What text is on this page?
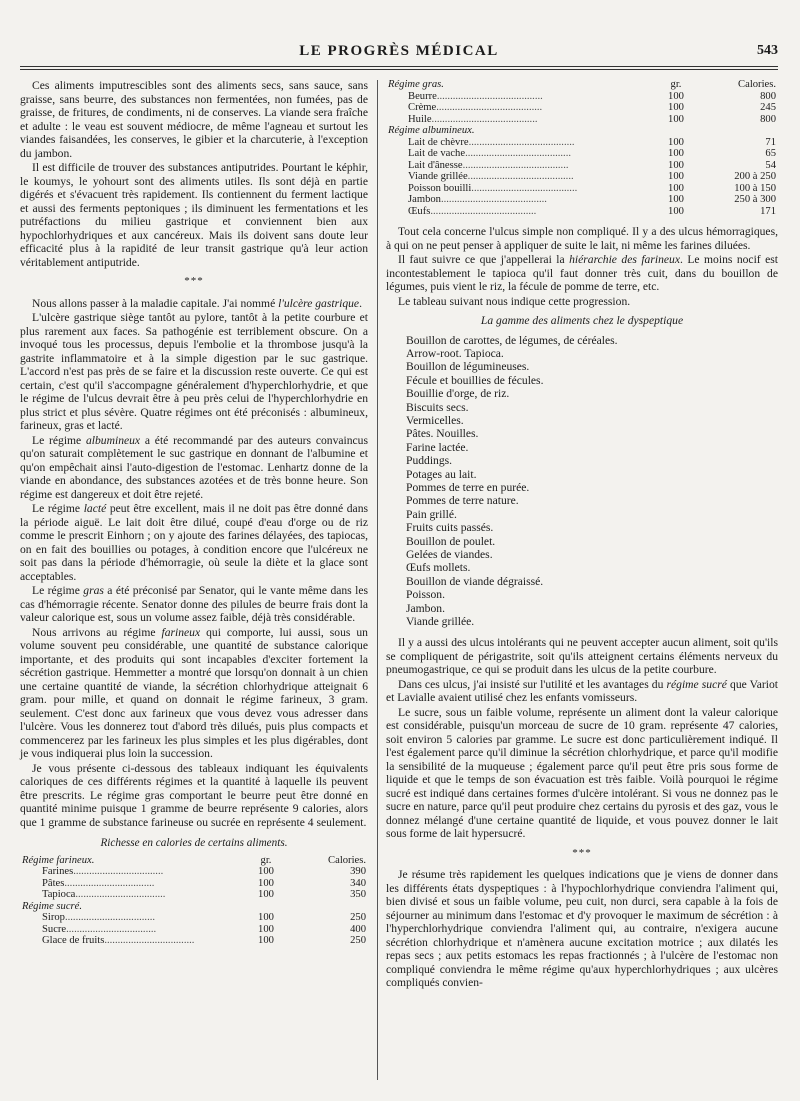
LE PROGRÈS MÉDICAL	543

Ces aliments imputrescibles sont des aliments secs, sans sauce, sans graisse, sans beurre, des substances non fermentées, non fumées, pas de graisse, de fritures, de condiments, ni de conserves. La viande sera fraîche et adulte : le veau est souvent médiocre, de même l'agneau et surtout les viandes faisandées, les conserves, le gibier et la charcuterie, à l'exception du jambon.

Il est difficile de trouver des substances antiputrides. Pourtant le képhir, le koumys, le yohourt sont des aliments utiles. Ils sont déjà en partie digérés et s'évacuent très rapidement. Ils contiennent du ferment lactique et aussi des ferments peptoniques ; ils diminuent les fermentations et les putréfactions du milieu gastrique et conviennent bien aux hypochlorhydriques et aux cancéreux. Mais ils doivent sans doute leur efficacité plus à la rapidité de leur transit gastrique qu'à leur action véritablement antiputride.

***

Nous allons passer à la maladie capitale. J'ai nommé l'ulcère gastrique.

L'ulcère gastrique siège tantôt au pylore, tantôt à la petite courbure et plus rarement aux faces. Sa pathogénie est terriblement obscure. On a invoqué tous les processus, depuis l'embolie et la thrombose jusqu'à la gastrite inflammatoire et à la simple digestion par le suc gastrique. L'accord n'est pas près de se faire et la discussion reste ouverte. Ce qui est certain, c'est qu'il s'accompagne généralement d'hyperchlorhydrie, et que le régime de l'ulcus devrait être à peu près celui de l'hyperchlorhydrie en plus strict et plus sévère. Quatre régimes ont été préconisés : albumineux, farineux, gras et lacté.

Le régime albumineux a été recommandé par des auteurs convaincus qu'on saturait complètement le suc gastrique en donnant de l'albumine et qu'on empêchait ainsi l'auto-digestion de l'estomac. Lenhartz donne de la viande en abondance, des substances azotées et de très bonne heure. Son régime est dangereux et doit être rejeté.

Le régime lacté peut être excellent, mais il ne doit pas être donné dans la période aiguë. Le lait doit être dilué, coupé d'eau d'orge ou de riz comme le prescrit Einhorn ; on y ajoute des farines délayées, des tapiocas, on en fait des bouillies ou potages, à condition encore que l'ulcéreux ne soit pas dans la période d'hémorragie, où seule la diète et la glace sont acceptables.

Le régime gras a été préconisé par Senator, qui le vante même dans les cas d'hémorragie récente. Senator donne des pilules de beurre frais dont la valeur calorique est, sous un volume assez faible, déjà très considérable.

Nous arrivons au régime farineux qui comporte, lui aussi, sous un volume souvent peu considérable, une quantité de substance calorique importante, et des produits qui sont incapables d'exciter fortement la sécrétion gastrique. Hemmetter a montré que lorsqu'on donnait à un chien une certaine quantité de viande, la sécrétion chlorhydrique atteignait 6 gram. pour mille, et quand on donnait le régime farineux, 3 gram. seulement. C'est donc aux farineux que vous devez vous adresser dans l'ulcère. Vous les donnerez tout d'abord très dilués, puis plus compacts et commencerez par les farineux les plus simples et les plus digérables, dont je vous indiquerai plus loin la succession.

Je vous présente ci-dessous des tableaux indiquant les équivalents caloriques de ces différents régimes et la quantité à laquelle ils peuvent être prescrits. Le régime gras comportant le beurre peut être donné en quantité minime puisque 1 gramme de beurre représente 9 calories, alors que 1 gramme de substance farineuse ou sucrée en représente 4 seulement.

Richesse en calories de certains aliments.
Régime farineux.	gr.	Calories.
Farines..................................	100	390
Pâtes..................................	100	340
Tapioca..................................	100	350
Régime sucré.		
Sirop..................................	100	250
Sucre..................................	100	400
Glace de fruits..................................	100	250
Régime gras.	gr.	Calories.
Beurre........................................	100	800
Crème........................................	100	245
Huile........................................	100	800
Régime albumineux.		
Lait de chèvre........................................	100	71
Lait de vache........................................	100	65
Lait d'ânesse........................................	100	54
Viande grillée........................................	100	200 à 250
Poisson bouilli........................................	100	100 à 150
Jambon........................................	100	250 à 300
Œufs........................................	100	171

Tout cela concerne l'ulcus simple non compliqué. Il y a des ulcus hémorragiques, à qui on ne peut penser à appliquer de suite le lait, ni même les farines diluées.

Il faut suivre ce que j'appellerai la hiérarchie des farineux. Le moins nocif est incontestablement le tapioca qu'il faut donner très cuit, dans du bouillon de légumes, puis vient le riz, la fécule de pomme de terre, etc.

Le tableau suivant nous indique cette progression.

La gamme des aliments chez le dyspeptique
Bouillon de carottes, de légumes, de céréales.
Arrow-root. Tapioca.
Bouillon de légumineuses.
Fécule et bouillies de fécules.
Bouillie d'orge, de riz.
Biscuits secs.
Vermicelles.
Pâtes. Nouilles.
Farine lactée.
Puddings.
Potages au lait.
Pommes de terre en purée.
Pommes de terre nature.
Pain grillé.
Fruits cuits passés.
Bouillon de poulet.
Gelées de viandes.
Œufs mollets.
Bouillon de viande dégraissé.
Poisson.
Jambon.
Viande grillée.

Il y a aussi des ulcus intolérants qui ne peuvent accepter aucun aliment, soit qu'ils se compliquent de périgastrite, soit qu'ils atteignent certains éléments nerveux du pneumogastrique, ce qui se produit dans les ulcus de la petite courbure.

Dans ces ulcus, j'ai insisté sur l'utilité et les avantages du régime sucré que Variot et Lavialle avaient utilisé chez les enfants vomisseurs.

Le sucre, sous un faible volume, représente un aliment dont la valeur calorique est considérable, puisqu'un morceau de sucre de 10 gram. représente 47 calories, soit environ 5 calories par gramme. Le sucre est donc particulièrement indiqué. Il l'est également parce qu'il diminue la sécrétion chlorhydrique, et parce qu'il modifie la sensibilité de la muqueuse ; également parce qu'il peut être pris sous forme de liquide et que le temps de son évacuation est très faible. Voilà pourquoi le régime sucré est indiqué dans certaines formes d'ulcère intolérant. Si vous ne donnez pas le sucre en nature, parce qu'il peut produire chez certains du pyrosis et des gaz, vous le donnez mélangé d'une certaine quantité de liquide, et vous pouvez donner le lait sous forme de lait hypersucré.

***

Je résume très rapidement les quelques indications que je viens de donner dans les différents états dyspeptiques : à l'hypochlorhydrique conviendra l'aliment qui, bien divisé et sous un faible volume, peu cuit, non durci, sera capable à la fois de séjourner au minimum dans l'estomac et d'y provoquer le maximum de sécrétion : à l'hyperchlorhydrique conviendra l'aliment qui, au contraire, n'exigera aucune sécrétion chlorhydrique et n'amènera aucune excitation motrice ; aux dilatés les repas secs ; aux petits estomacs les repas fractionnés ; à l'ulcère de l'estomac non compliqué conviendra le même régime qu'aux hyperchlorhydriques ; aux ulcères compliqués convien-
